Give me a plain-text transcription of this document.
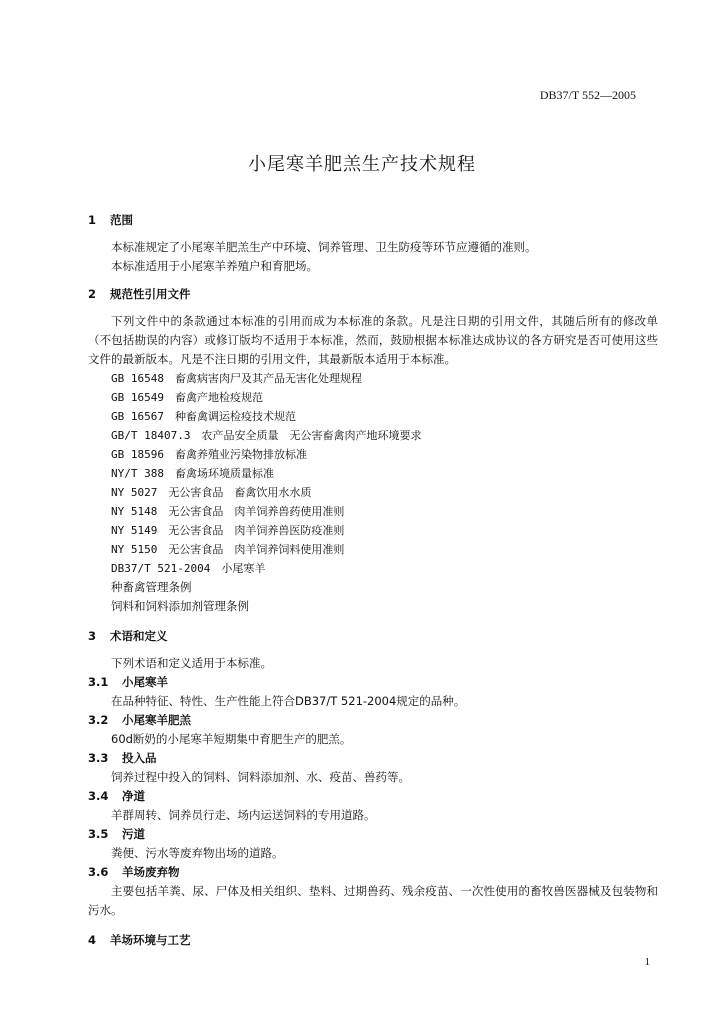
DB37/T 552—2005
小尾寒羊肥羔生产技术规程
1 范围

本标准规定了小尾寒羊肥羔生产中环境、饲养管理、卫生防疫等环节应遵循的准则。

本标准适用于小尾寒羊养殖户和育肥场。

2 规范性引用文件

下列文件中的条款通过本标准的引用而成为本标准的条款。凡是注日期的引用文件，其随后所有的修改单（不包括勘误的内容）或修订版均不适用于本标准，然而，鼓励根据本标准达成协议的各方研究是否可使用这些文件的最新版本。凡是不注日期的引用文件，其最新版本适用于本标准。

GB 16548　畜禽病害肉尸及其产品无害化处理规程

GB 16549　畜禽产地检疫规范

GB 16567　种畜禽调运检疫技术规范

GB/T 18407.3　农产品安全质量　无公害畜禽肉产地环境要求

GB 18596　畜禽养殖业污染物排放标准

NY/T 388　畜禽场环境质量标准

NY 5027　无公害食品　畜禽饮用水水质

NY 5148　无公害食品　肉羊饲养兽药使用准则

NY 5149　无公害食品　肉羊饲养兽医防疫准则

NY 5150　无公害食品　肉羊饲养饲料使用准则

DB37/T 521-2004　小尾寒羊

种畜禽管理条例

饲料和饲料添加剂管理条例

3 术语和定义

下列术语和定义适用于本标准。

3.1 小尾寒羊

在品种特征、特性、生产性能上符合DB37/T 521-2004规定的品种。

3.2 小尾寒羊肥羔

60d断奶的小尾寒羊短期集中育肥生产的肥羔。

3.3 投入品

饲养过程中投入的饲料、饲料添加剂、水、疫苗、兽药等。

3.4 净道

羊群周转、饲养员行走、场内运送饲料的专用道路。

3.5 污道

粪便、污水等废弃物出场的道路。

3.6 羊场废弃物

主要包括羊粪、尿、尸体及相关组织、垫料、过期兽药、残余疫苗、一次性使用的畜牧兽医器械及包装物和污水。

4 羊场环境与工艺
1
